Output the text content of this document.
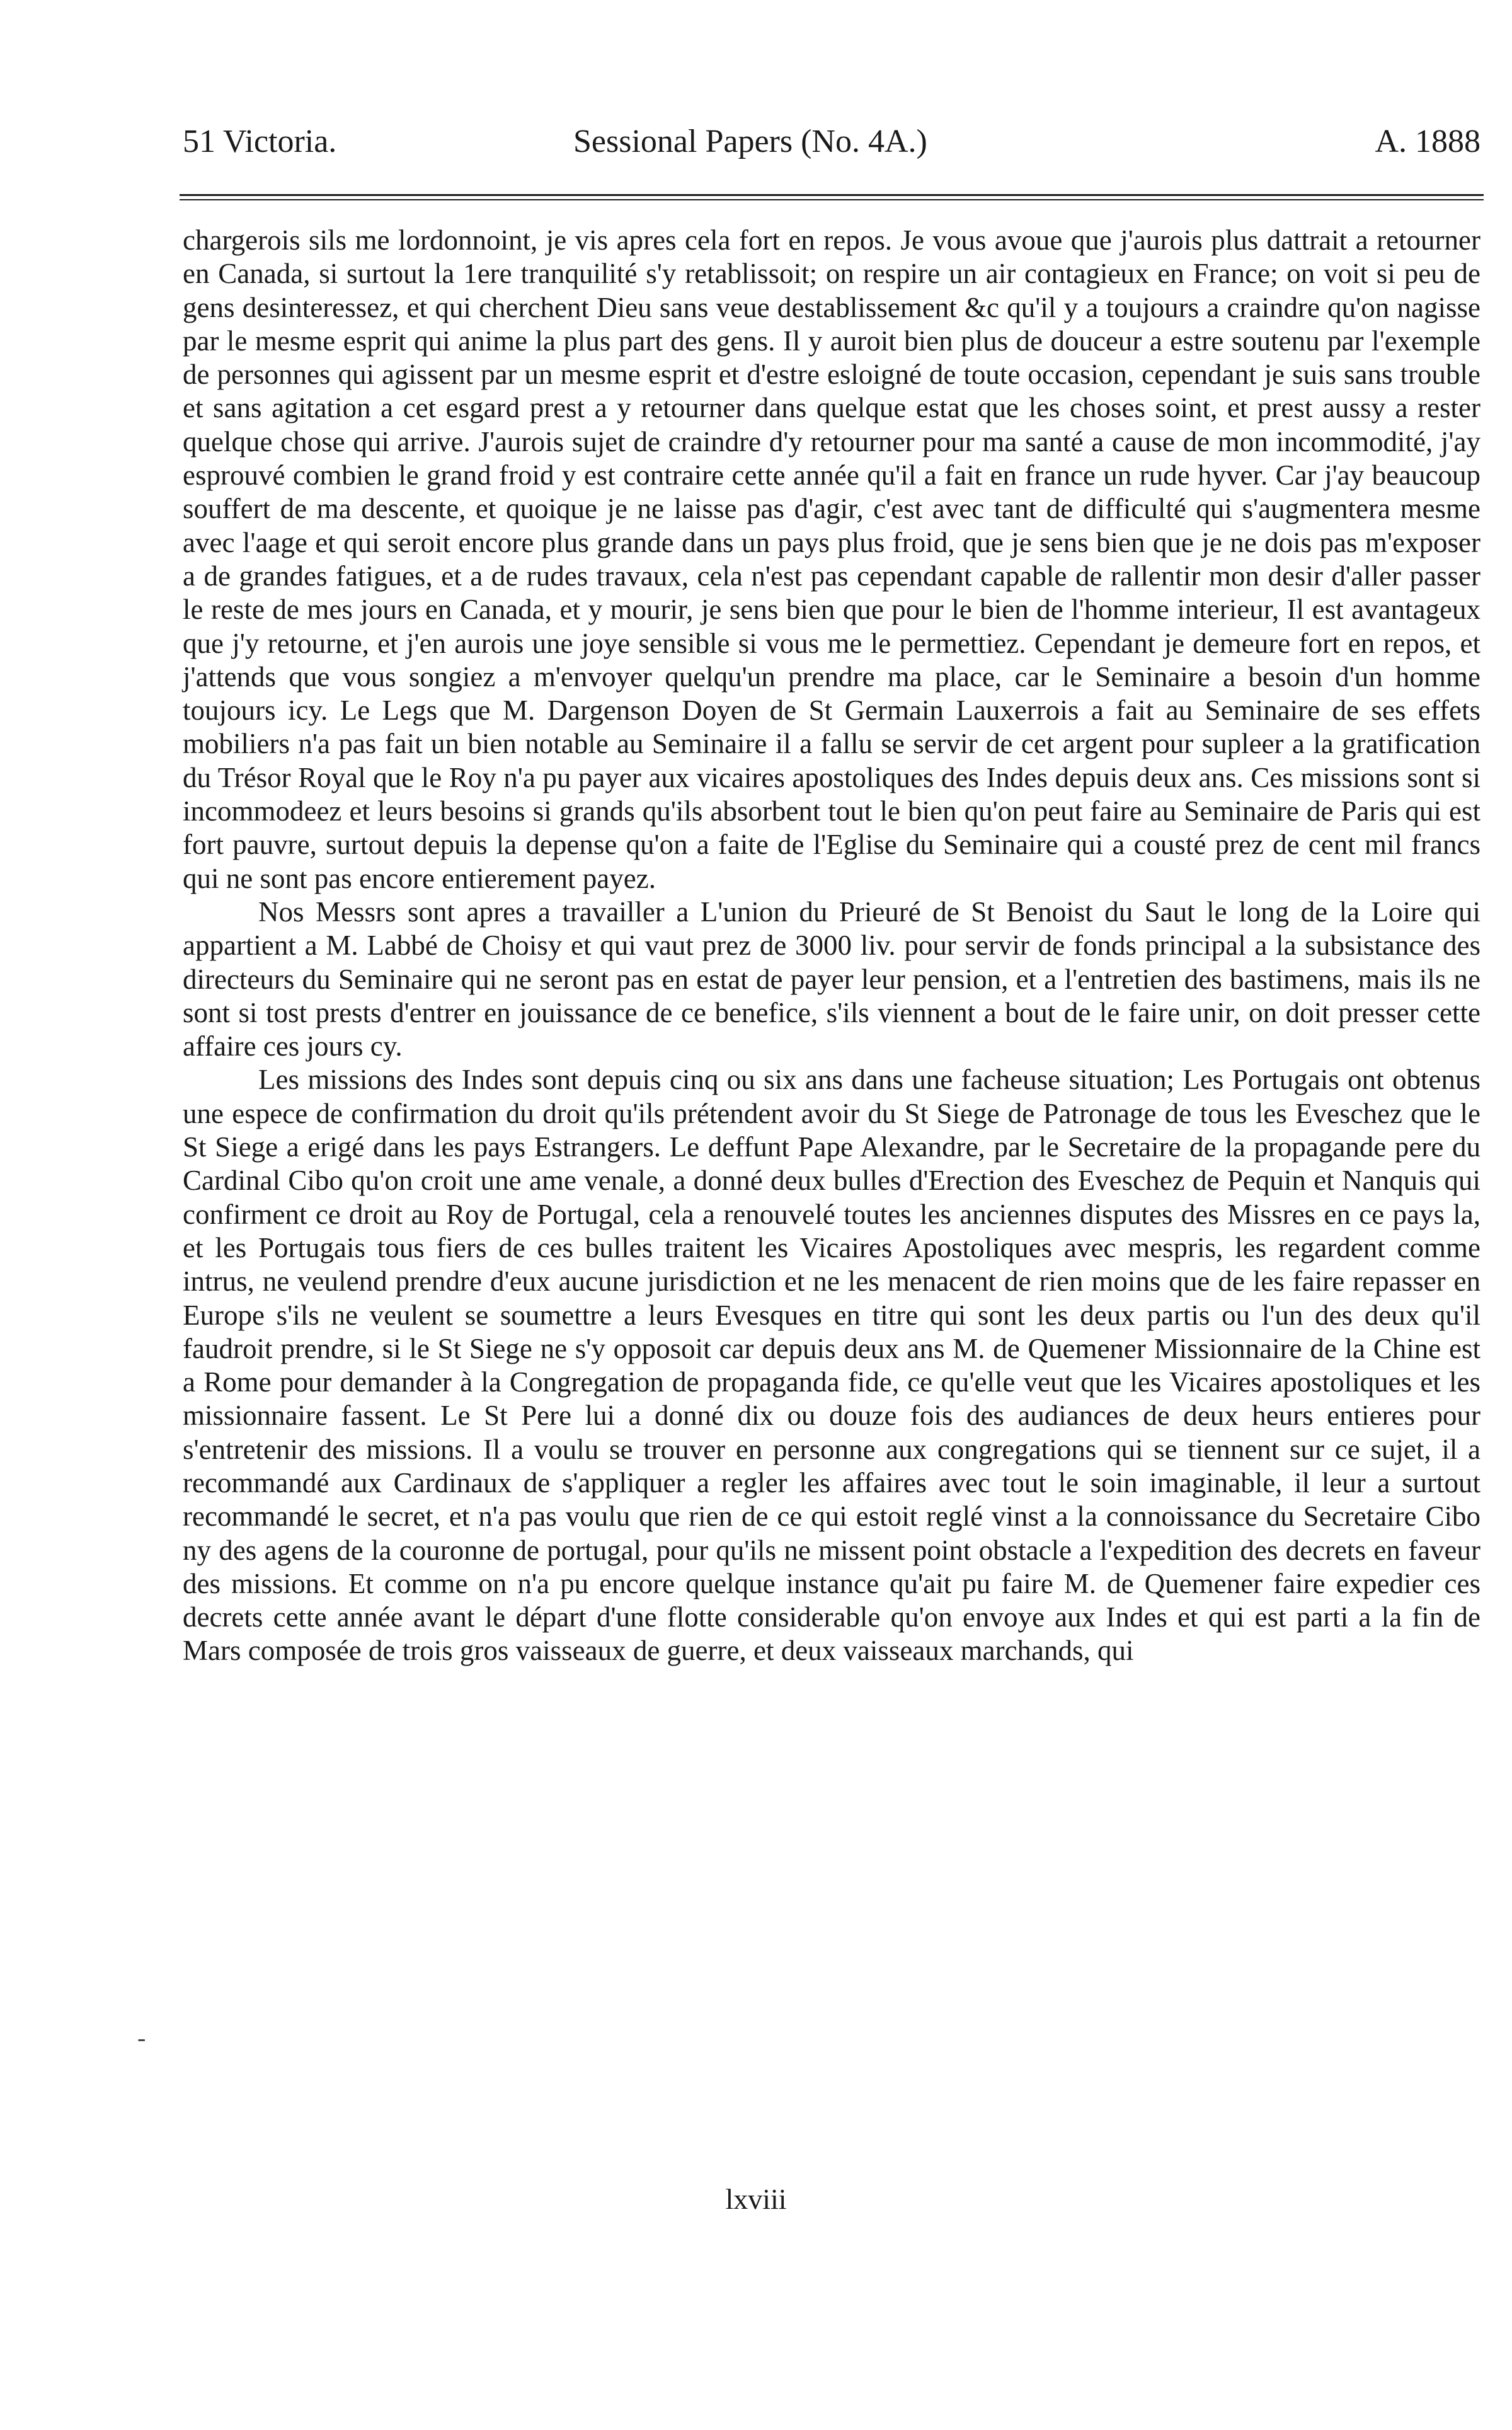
51 Victoria.	Sessional Papers (No. 4A.)	A. 1888

chargerois sils me lordonnoint, je vis apres cela fort en repos. Je vous avoue que j'aurois plus dattrait a retourner en Canada, si surtout la 1ere tranquilité s'y retablissoit; on respire un air contagieux en France; on voit si peu de gens desinteressez, et qui cherchent Dieu sans veue destablissement &c qu'il y a toujours a craindre qu'on nagisse par le mesme esprit qui anime la plus part des gens. Il y auroit bien plus de douceur a estre soutenu par l'exemple de personnes qui agissent par un mesme esprit et d'estre esloigné de toute occasion, cependant je suis sans trouble et sans agitation a cet esgard prest a y retourner dans quelque estat que les choses soint, et prest aussy a rester quelque chose qui arrive. J'aurois sujet de craindre d'y retourner pour ma santé a cause de mon incommodité, j'ay esprouvé combien le grand froid y est contraire cette année qu'il a fait en france un rude hyver. Car j'ay beaucoup souffert de ma descente, et quoique je ne laisse pas d'agir, c'est avec tant de difficulté qui s'augmentera mesme avec l'aage et qui seroit encore plus grande dans un pays plus froid, que je sens bien que je ne dois pas m'exposer a de grandes fatigues, et a de rudes travaux, cela n'est pas cependant capable de rallentir mon desir d'aller passer le reste de mes jours en Canada, et y mourir, je sens bien que pour le bien de l'homme interieur, Il est avantageux que j'y retourne, et j'en aurois une joye sensible si vous me le permettiez. Cependant je demeure fort en repos, et j'attends que vous songiez a m'envoyer quelqu'un prendre ma place, car le Seminaire a besoin d'un homme toujours icy. Le Legs que M. Dargenson Doyen de St Germain Lauxerrois a fait au Seminaire de ses effets mobiliers n'a pas fait un bien notable au Seminaire il a fallu se servir de cet argent pour supleer a la gratification du Trésor Royal que le Roy n'a pu payer aux vicaires apostoliques des Indes depuis deux ans. Ces missions sont si incommodeez et leurs besoins si grands qu'ils absorbent tout le bien qu'on peut faire au Seminaire de Paris qui est fort pauvre, surtout depuis la depense qu'on a faite de l'Eglise du Seminaire qui a cousté prez de cent mil francs qui ne sont pas encore entierement payez.

Nos Messrs sont apres a travailler a L'union du Prieuré de St Benoist du Saut le long de la Loire qui appartient a M. Labbé de Choisy et qui vaut prez de 3000 liv. pour servir de fonds principal a la subsistance des directeurs du Seminaire qui ne seront pas en estat de payer leur pension, et a l'entretien des bastimens, mais ils ne sont si tost prests d'entrer en jouissance de ce benefice, s'ils viennent a bout de le faire unir, on doit presser cette affaire ces jours cy.

Les missions des Indes sont depuis cinq ou six ans dans une facheuse situation; Les Portugais ont obtenus une espece de confirmation du droit qu'ils prétendent avoir du St Siege de Patronage de tous les Eveschez que le St Siege a erigé dans les pays Estrangers. Le deffunt Pape Alexandre, par le Secretaire de la propagande pere du Cardinal Cibo qu'on croit une ame venale, a donné deux bulles d'Erection des Eveschez de Pequin et Nanquis qui confirment ce droit au Roy de Portugal, cela a renouvelé toutes les anciennes disputes des Missres en ce pays la, et les Portugais tous fiers de ces bulles traitent les Vicaires Apostoliques avec mespris, les regardent comme intrus, ne veulend prendre d'eux aucune jurisdiction et ne les menacent de rien moins que de les faire repasser en Europe s'ils ne veulent se soumettre a leurs Evesques en titre qui sont les deux partis ou l'un des deux qu'il faudroit prendre, si le St Siege ne s'y opposoit car depuis deux ans M. de Quemener Missionnaire de la Chine est a Rome pour demander à la Congregation de propaganda fide, ce qu'elle veut que les Vicaires apostoliques et les missionnaire fassent. Le St Pere lui a donné dix ou douze fois des audiances de deux heurs entieres pour s'entretenir des missions. Il a voulu se trouver en personne aux congregations qui se tiennent sur ce sujet, il a recommandé aux Cardinaux de s'appliquer a regler les affaires avec tout le soin imaginable, il leur a surtout recommandé le secret, et n'a pas voulu que rien de ce qui estoit reglé vinst a la connoissance du Secretaire Cibo ny des agens de la couronne de portugal, pour qu'ils ne missent point obstacle a l'expedition des decrets en faveur des missions. Et comme on n'a pu encore quelque instance qu'ait pu faire M. de Quemener faire expedier ces decrets cette année avant le départ d'une flotte considerable qu'on envoye aux Indes et qui est parti a la fin de Mars composée de trois gros vaisseaux de guerre, et deux vaisseaux marchands, qui

-
lxviii
